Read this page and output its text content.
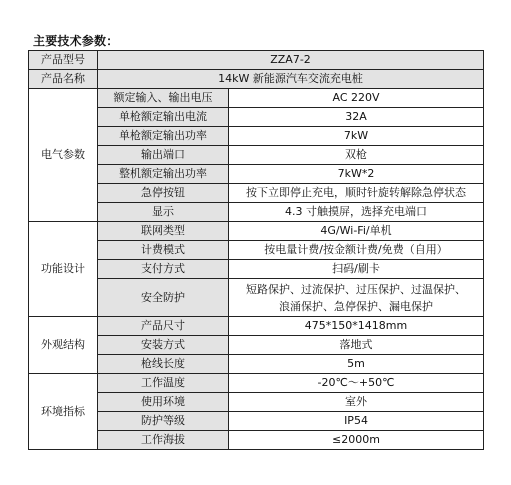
主要技术参数：
产品型号	ZZA7-2	
产品名称	14kW 新能源汽车交流充电桩	
电气参数	额定输入、输出电压	AC 220V
	单枪额定输出电流	32A
	单枪额定输出功率	7kW
	输出端口	双枪
	整机额定输出功率	7kW*2
	急停按钮	按下立即停止充电，顺时针旋转解除急停状态
	显示	4.3 寸触摸屏，选择充电端口
功能设计	联网类型	4G/Wi-Fi/单机
	计费模式	按电量计费/按金额计费/免费（自用）
	支付方式	扫码/刷卡
	安全防护	短路保护、过流保护、过压保护、过温保护、
浪涌保护、急停保护、漏电保护

外观结构	产品尺寸	475*150*1418mm
	安装方式	落地式
	枪线长度	5m
环境指标	工作温度	-20℃～+50℃
	使用环境	室外
	防护等级	IP54
	工作海拔	≤2000m
